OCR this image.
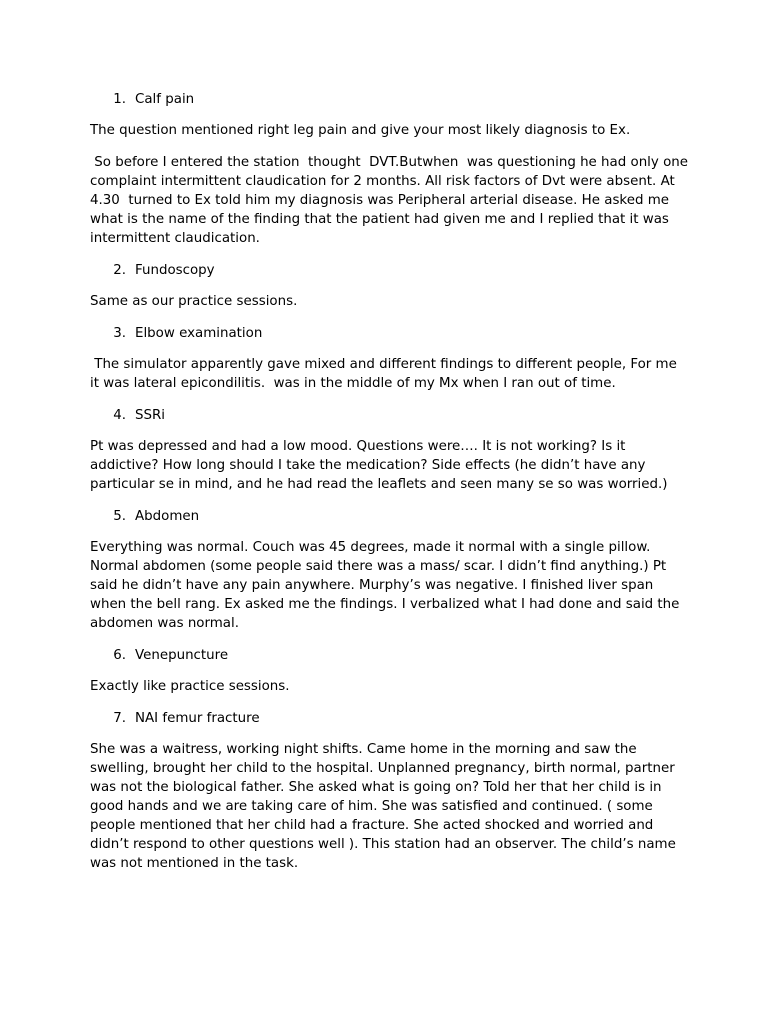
1. Calf pain

The question mentioned right leg pain and give your most likely diagnosis to Ex.

So before I entered the station  thought  DVT.Butwhen  was questioning he had only one complaint intermittent claudication for 2 months. All risk factors of Dvt were absent. At 4.30  turned to Ex told him my diagnosis was Peripheral arterial disease. He asked me what is the name of the finding that the patient had given me and I replied that it was intermittent claudication.

2. Fundoscopy

Same as our practice sessions.

3. Elbow examination

The simulator apparently gave mixed and different findings to different people, For me it was lateral epicondilitis.  was in the middle of my Mx when I ran out of time.

4. SSRi

Pt was depressed and had a low mood. Questions were…. It is not working? Is it addictive? How long should I take the medication? Side effects (he didn’t have any particular se in mind, and he had read the leaflets and seen many se so was worried.)

5. Abdomen

Everything was normal. Couch was 45 degrees, made it normal with a single pillow. Normal abdomen (some people said there was a mass/ scar. I didn’t find anything.) Pt said he didn’t have any pain anywhere. Murphy’s was negative. I finished liver span when the bell rang. Ex asked me the findings. I verbalized what I had done and said the abdomen was normal.

6. Venepuncture

Exactly like practice sessions.

7. NAI femur fracture

She was a waitress, working night shifts. Came home in the morning and saw the swelling, brought her child to the hospital. Unplanned pregnancy, birth normal, partner was not the biological father. She asked what is going on? Told her that her child is in good hands and we are taking care of him. She was satisfied and continued. ( some people mentioned that her child had a fracture. She acted shocked and worried and didn’t respond to other questions well ). This station had an observer. The child’s name was not mentioned in the task.
